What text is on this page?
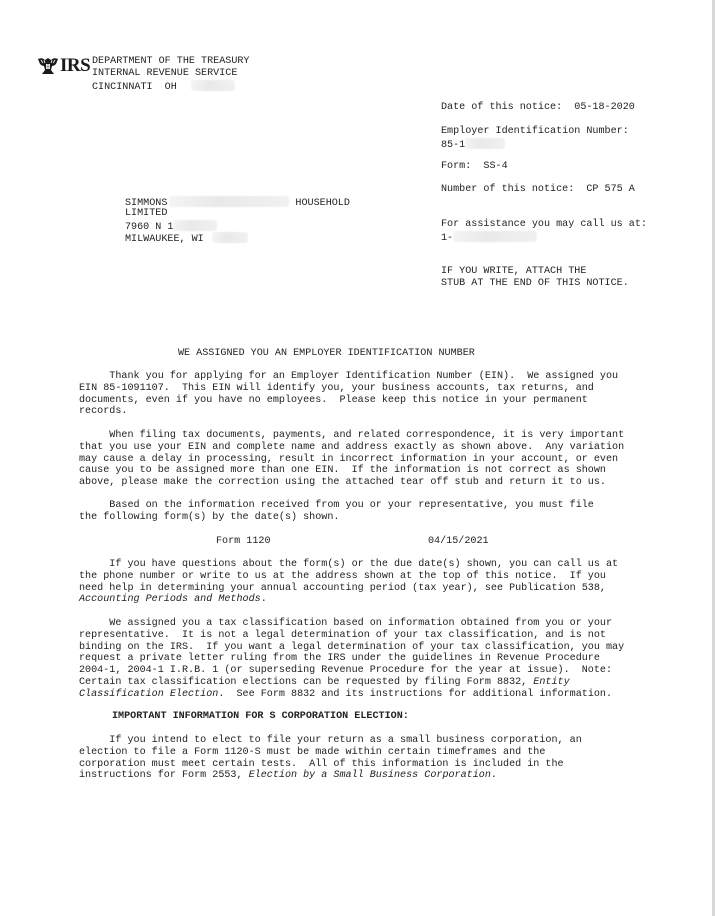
IRS DEPARTMENT OF THE TREASURY
INTERNAL REVENUE SERVICE
CINCINNATI  OH
Date of this notice:  05-18-2020
Employer Identification Number:
85-1
Form:  SS-4
Number of this notice:  CP 575 A
For assistance you may call us at:
1-
IF YOU WRITE, ATTACH THE
STUB AT THE END OF THIS NOTICE.
SIMMONS	HOUSEHOLD
LIMITED
7960 N 1
MILWAUKEE, WI
WE ASSIGNED YOU AN EMPLOYER IDENTIFICATION NUMBER
Thank you for applying for an Employer Identification Number (EIN).  We assigned you
EIN 85-1091107.  This EIN will identify you, your business accounts, tax returns, and
documents, even if you have no employees.  Please keep this notice in your permanent
records.
When filing tax documents, payments, and related correspondence, it is very important
that you use your EIN and complete name and address exactly as shown above.  Any variation
may cause a delay in processing, result in incorrect information in your account, or even
cause you to be assigned more than one EIN.  If the information is not correct as shown
above, please make the correction using the attached tear off stub and return it to us.
Based on the information received from you or your representative, you must file
the following form(s) by the date(s) shown.
Form 1120	04/15/2021
If you have questions about the form(s) or the due date(s) shown, you can call us at
the phone number or write to us at the address shown at the top of this notice.  If you
need help in determining your annual accounting period (tax year), see Publication 538,
Accounting Periods and Methods.
We assigned you a tax classification based on information obtained from you or your
representative.  It is not a legal determination of your tax classification, and is not
binding on the IRS.  If you want a legal determination of your tax classification, you may
request a private letter ruling from the IRS under the guidelines in Revenue Procedure
2004-1, 2004-1 I.R.B. 1 (or superseding Revenue Procedure for the year at issue).  Note:
Certain tax classification elections can be requested by filing Form 8832, Entity
Classification Election.  See Form 8832 and its instructions for additional information.
IMPORTANT INFORMATION FOR S CORPORATION ELECTION:
If you intend to elect to file your return as a small business corporation, an
election to file a Form 1120-S must be made within certain timeframes and the
corporation must meet certain tests.  All of this information is included in the
instructions for Form 2553, Election by a Small Business Corporation.
